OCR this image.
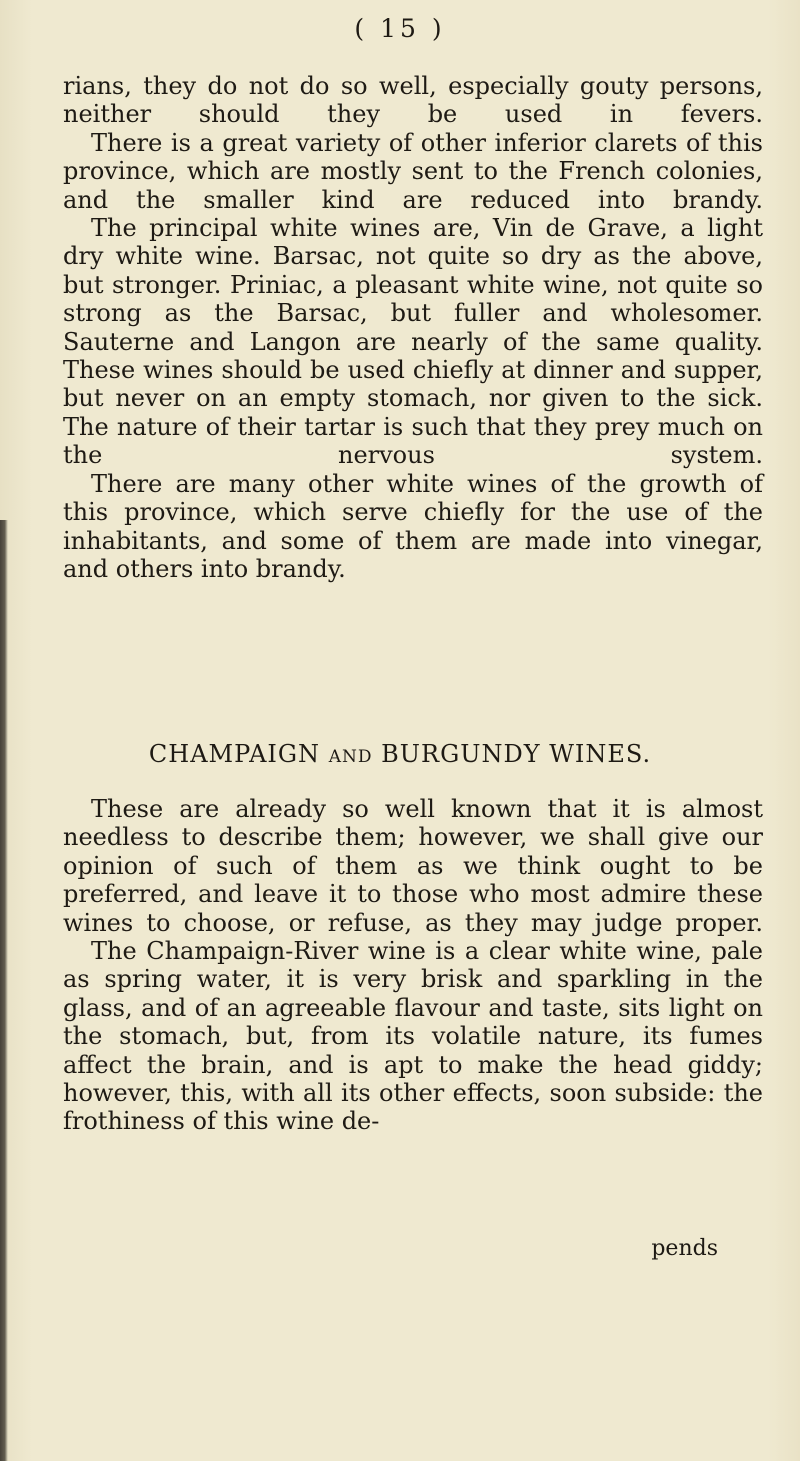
( 15 )

rians, they do not do so well, especially gouty persons, neither should they be used in fevers.

There is a great variety of other inferior clarets of this province, which are mostly sent to the French colonies, and the smaller kind are reduced into brandy.

The principal white wines are, Vin de Grave, a light dry white wine. Barsac, not quite so dry as the above, but stronger. Priniac, a pleasant white wine, not quite so strong as the Barsac, but fuller and wholesomer. Sauterne and Langon are nearly of the same quality. These wines should be used chiefly at dinner and supper, but never on an empty stomach, nor given to the sick. The nature of their tartar is such that they prey much on the nervous system.

There are many other white wines of the growth of this province, which serve chiefly for the use of the inhabitants, and some of them are made into vinegar, and others into brandy.

CHAMPAIGN AND BURGUNDY WINES.

These are already so well known that it is almost needless to describe them; however, we shall give our opinion of such of them as we think ought to be preferred, and leave it to those who most admire these wines to choose, or refuse, as they may judge proper.

The Champaign-River wine is a clear white wine, pale as spring water, it is very brisk and sparkling in the glass, and of an agreeable flavour and taste, sits light on the stomach, but, from its volatile nature, its fumes affect the brain, and is apt to make the head giddy; however, this, with all its other effects, soon subside: the frothiness of this wine de-

pends
